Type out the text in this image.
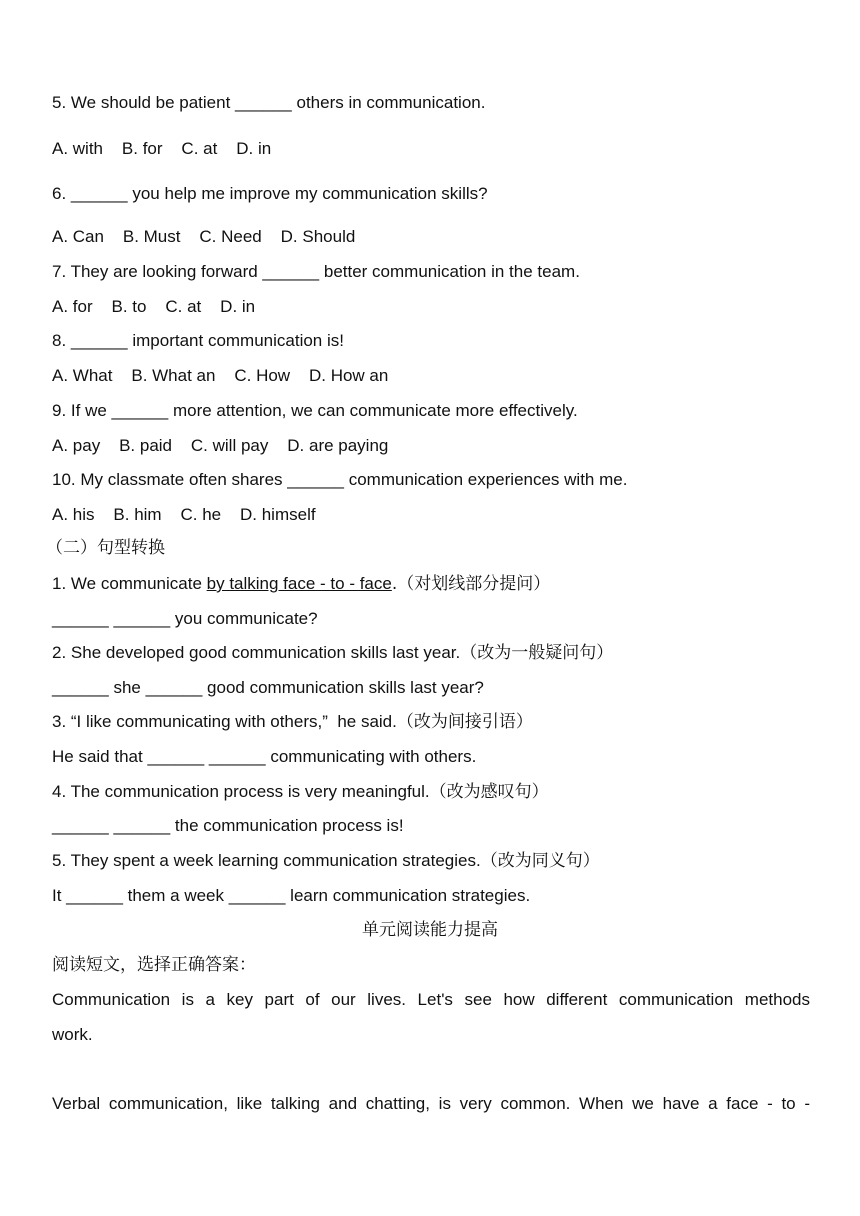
5. We should be patient ______ others in communication.
A. with    B. for    C. at    D. in
6. ______ you help me improve my communication skills?
A. Can    B. Must    C. Need    D. Should
7. They are looking forward ______ better communication in the team.
A. for    B. to    C. at    D. in
8. ______ important communication is!
A. What    B. What an    C. How    D. How an
9. If we ______ more attention, we can communicate more effectively.
A. pay    B. paid    C. will pay    D. are paying
10. My classmate often shares ______ communication experiences with me.
A. his    B. him    C. he    D. himself
（二）句型转换
1. We communicate by talking face - to - face.（对划线部分提问）
______ ______ you communicate?
2. She developed good communication skills last year.（改为一般疑问句）
______ she ______ good communication skills last year?
3. “I like communicating with others,”  he said.（改为间接引语）
He said that ______ ______ communicating with others.
4. The communication process is very meaningful.（改为感叹句）
______ ______ the communication process is!
5. They spent a week learning communication strategies.（改为同义句）
It ______ them a week ______ learn communication strategies.
单元阅读能力提高
阅读短文，选择正确答案：
Communication is a key part of our lives. Let's see how different communication methods
work.
Verbal communication, like talking and chatting, is very common. When we have a face - to -
